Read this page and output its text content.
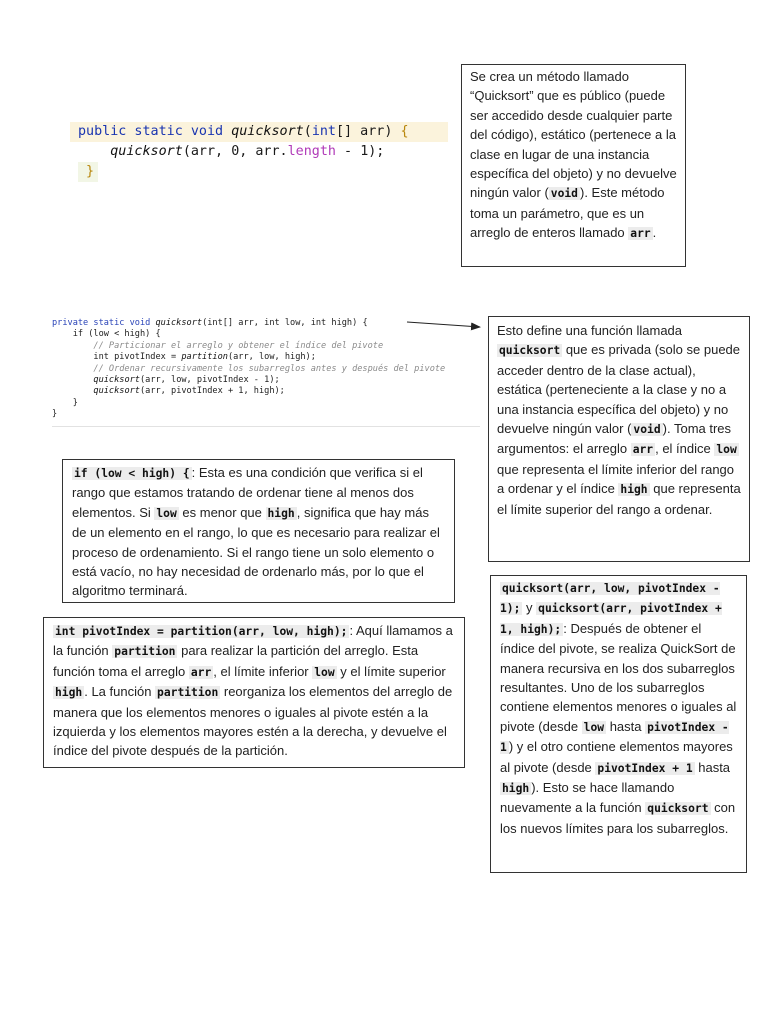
public static void quicksort(int[] arr) {
quicksort(arr, 0, arr.length - 1);
}

Se crea un método llamado “Quicksort” que es público (puede ser accedido desde cualquier parte del código), estático (pertenece a la clase en lugar de una instancia específica del objeto) y no devuelve ningún valor ( void ). Este método toma un parámetro, que es un arreglo de enteros llamado arr .

private static void quicksort(int[] arr, int low, int high) {
if (low < high) {
// Particionar el arreglo y obtener el índice del pivote
int pivotIndex = partition(arr, low, high);
// Ordenar recursivamente los subarreglos antes y después del pivote
quicksort(arr, low, pivotIndex - 1);
quicksort(arr, pivotIndex + 1, high);
}
}

Esto define una función llamada quicksort que es privada (solo se puede acceder dentro de la clase actual), estática (perteneciente a la clase y no a una instancia específica del objeto) y no devuelve ningún valor ( void ). Toma tres argumentos: el arreglo arr , el índice low que representa el límite inferior del rango a ordenar y el índice high que representa el límite superior del rango a ordenar.

if (low < high) { : Esta es una condición que verifica si el rango que estamos tratando de ordenar tiene al menos dos elementos. Si low es menor que high , significa que hay más de un elemento en el rango, lo que es necesario para realizar el proceso de ordenamiento. Si el rango tiene un solo elemento o está vacío, no hay necesidad de ordenarlo más, por lo que el algoritmo terminará.	quicksort(arr, low, pivotIndex - 1); y quicksort(arr, pivotIndex + 1, high); : Después de obtener el índice del pivote, se realiza QuickSort de manera recursiva en los dos subarreglos resultantes. Uno de los subarreglos contiene elementos menores o iguales al pivote (desde low hasta pivotIndex - 1 ) y el otro contiene elementos mayores al pivote (desde pivotIndex + 1 hasta high ). Esto se hace llamando nuevamente a la función quicksort con los nuevos límites para los subarreglos.

int pivotIndex = partition(arr, low, high); : Aquí llamamos a la función partition para realizar la partición del arreglo. Esta función toma el arreglo arr , el límite inferior low y el límite superior high . La función partition reorganiza los elementos del arreglo de manera que los elementos menores o iguales al pivote estén a la izquierda y los elementos mayores estén a la derecha, y devuelve el índice del pivote después de la partición.
